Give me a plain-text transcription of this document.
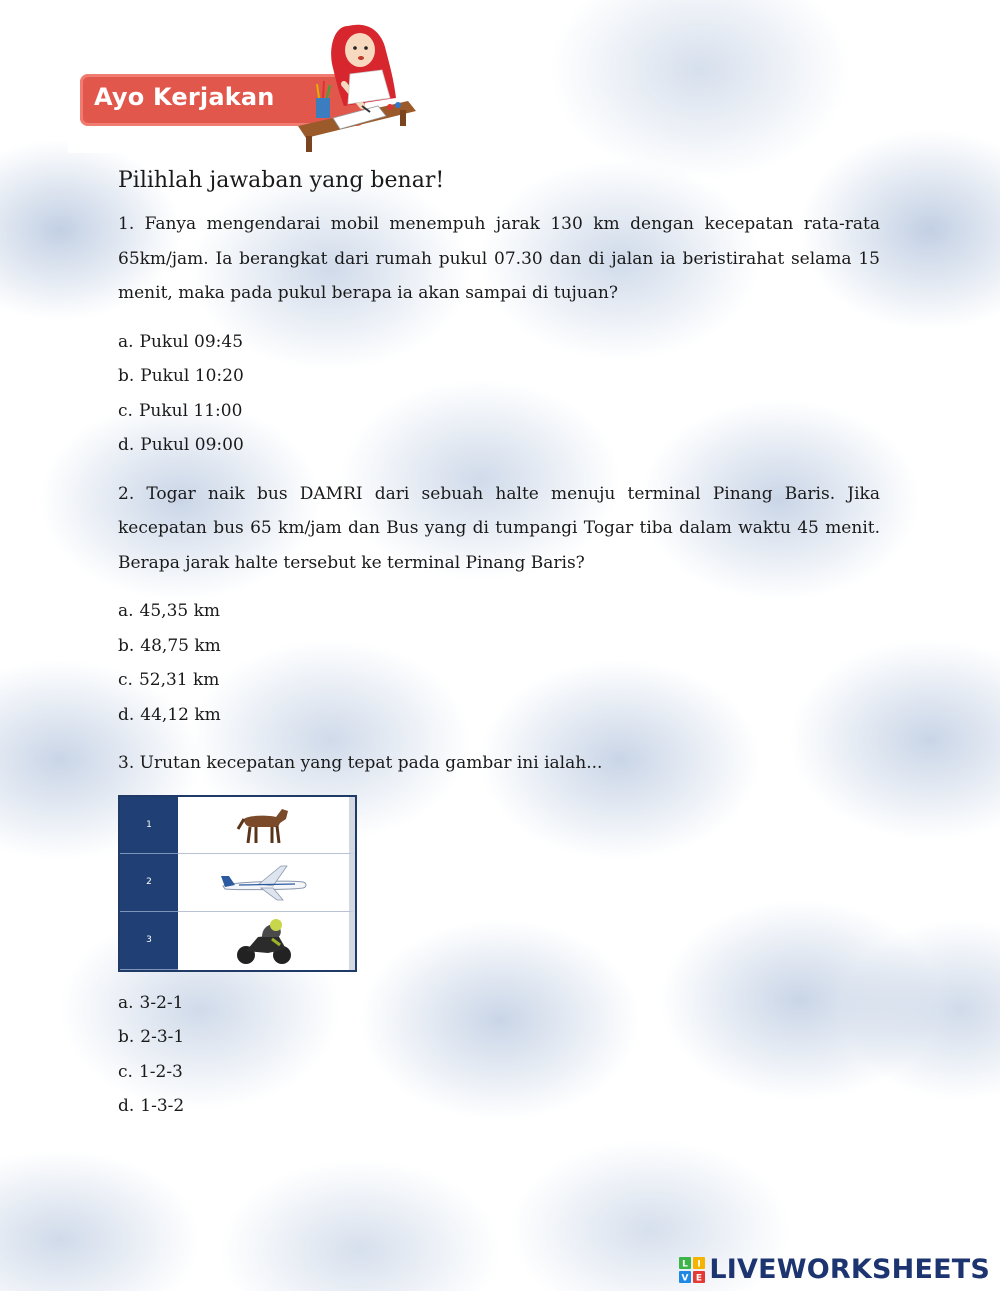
Ayo Kerjakan
Pilihlah jawaban yang benar!

1. Fanya mengendarai mobil menempuh jarak 130 km dengan kecepatan rata-rata 65km/jam. Ia berangkat dari rumah pukul 07.30 dan di jalan ia beristirahat selama 15 menit, maka pada pukul berapa ia akan sampai di tujuan?

a. Pukul 09:45
b. Pukul 10:20
c. Pukul 11:00
d. Pukul 09:00

2. Togar naik bus DAMRI dari sebuah halte menuju terminal Pinang Baris. Jika kecepatan bus 65 km/jam dan Bus yang di tumpangi Togar tiba dalam waktu 45 menit. Berapa jarak halte tersebut ke terminal Pinang Baris?

a. 45,35 km
b. 48,75 km
c. 52,31 km
d. 44,12 km

3. Urutan kecepatan yang tepat pada gambar ini ialah...

1
2
3
a. 3-2-1
b. 2-3-1
c. 1-2-3
d. 1-3-2
L I
V E LIVEWORKSHEETS
